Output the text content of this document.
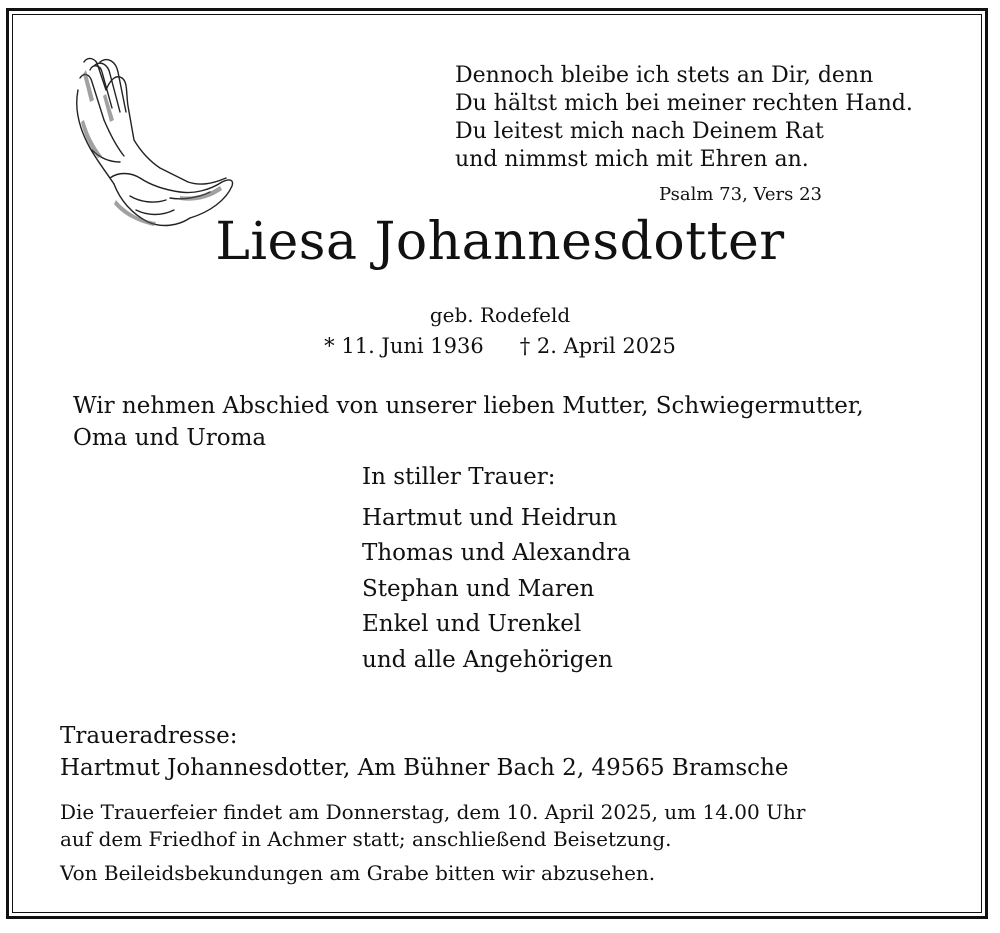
Dennoch bleibe ich stets an Dir, denn
Du hältst mich bei meiner rechten Hand.
Du leitest mich nach Deinem Rat
und nimmst mich mit Ehren an.
Psalm 73, Vers 23
Liesa Johannesdotter
geb. Rodefeld
* 11. Juni 1936 † 2. April 2025
Wir nehmen Abschied von unserer lieben Mutter, Schwiegermutter,
Oma und Uroma
In stiller Trauer:
Hartmut und Heidrun
Thomas und Alexandra
Stephan und Maren
Enkel und Urenkel
und alle Angehörigen
Traueradresse:
Hartmut Johannesdotter, Am Bühner Bach 2, 49565 Bramsche
Die Trauerfeier findet am Donnerstag, dem 10. April 2025, um 14.00 Uhr
auf dem Friedhof in Achmer statt; anschließend Beisetzung.
Von Beileidsbekundungen am Grabe bitten wir abzusehen.
